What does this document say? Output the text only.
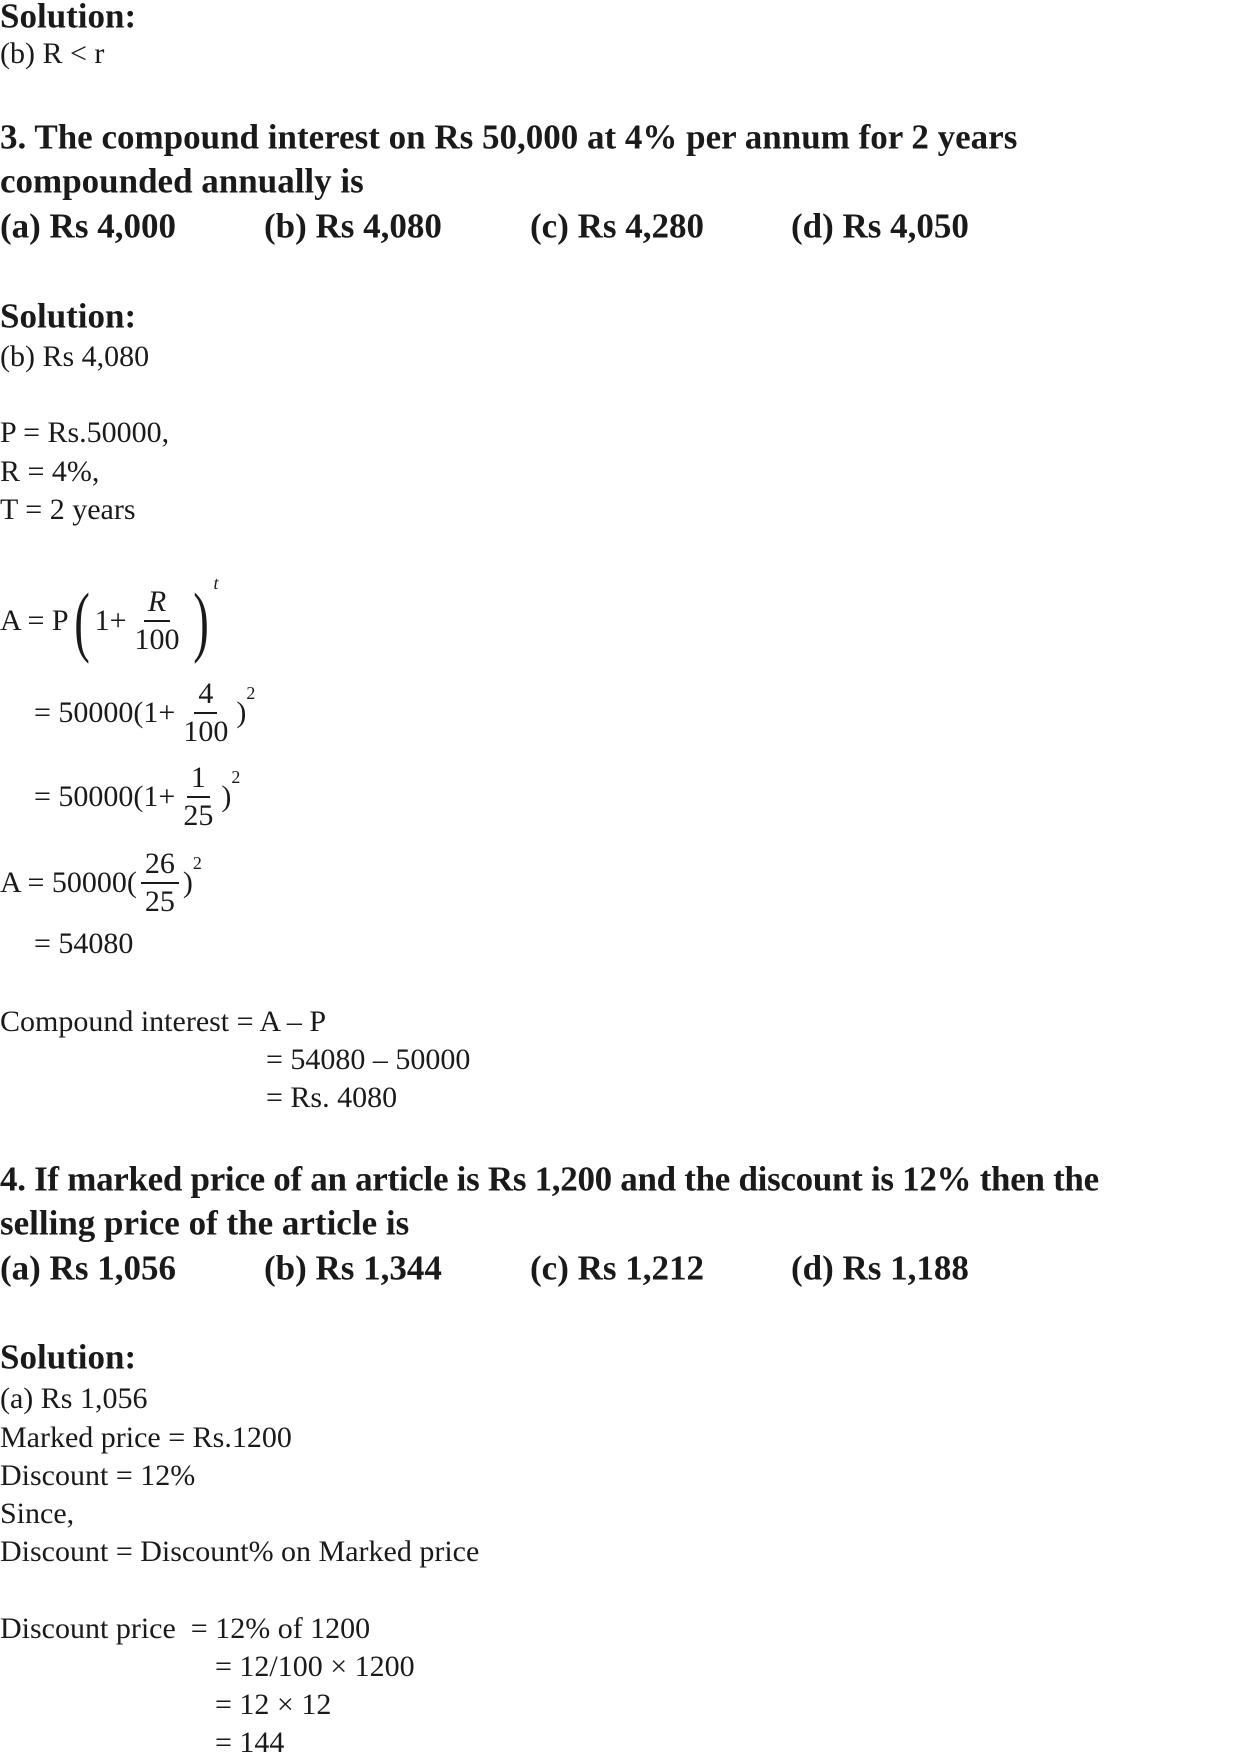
Solution:
(b) R < r
3. The compound interest on Rs 50,000 at 4% per annum for 2 years
compounded annually is
(a) Rs 4,000	(b) Rs 4,080	(c) Rs 4,280 (d) Rs 4,050
Solution:
(b) Rs 4,080
P = Rs.50000,
R = 4%,
T = 2 years
A = P ( $1+ \frac{R}{100}$ ) t
= $50000(1+ \frac{4}{100}$ )
2
= $50000(1+ \frac{1}{25}$ )
2
$A = 50000( \frac{26}{25}$ )
2
= 54080
Compound interest = A – P
= 54080 – 50000
= Rs. 4080
4. If marked price of an article is Rs 1,200 and the discount is 12% then the
selling price of the article is
(a) Rs 1,056	(b) Rs 1,344	(c) Rs 1,212 (d) Rs 1,188
Solution:
(a) Rs 1,056
Marked price = Rs.1200
Discount = 12%
Since,
Discount = Discount% on Marked price
Discount price  = 12% of 1200
= 12/100 × 1200
= 12 × 12
= 144
